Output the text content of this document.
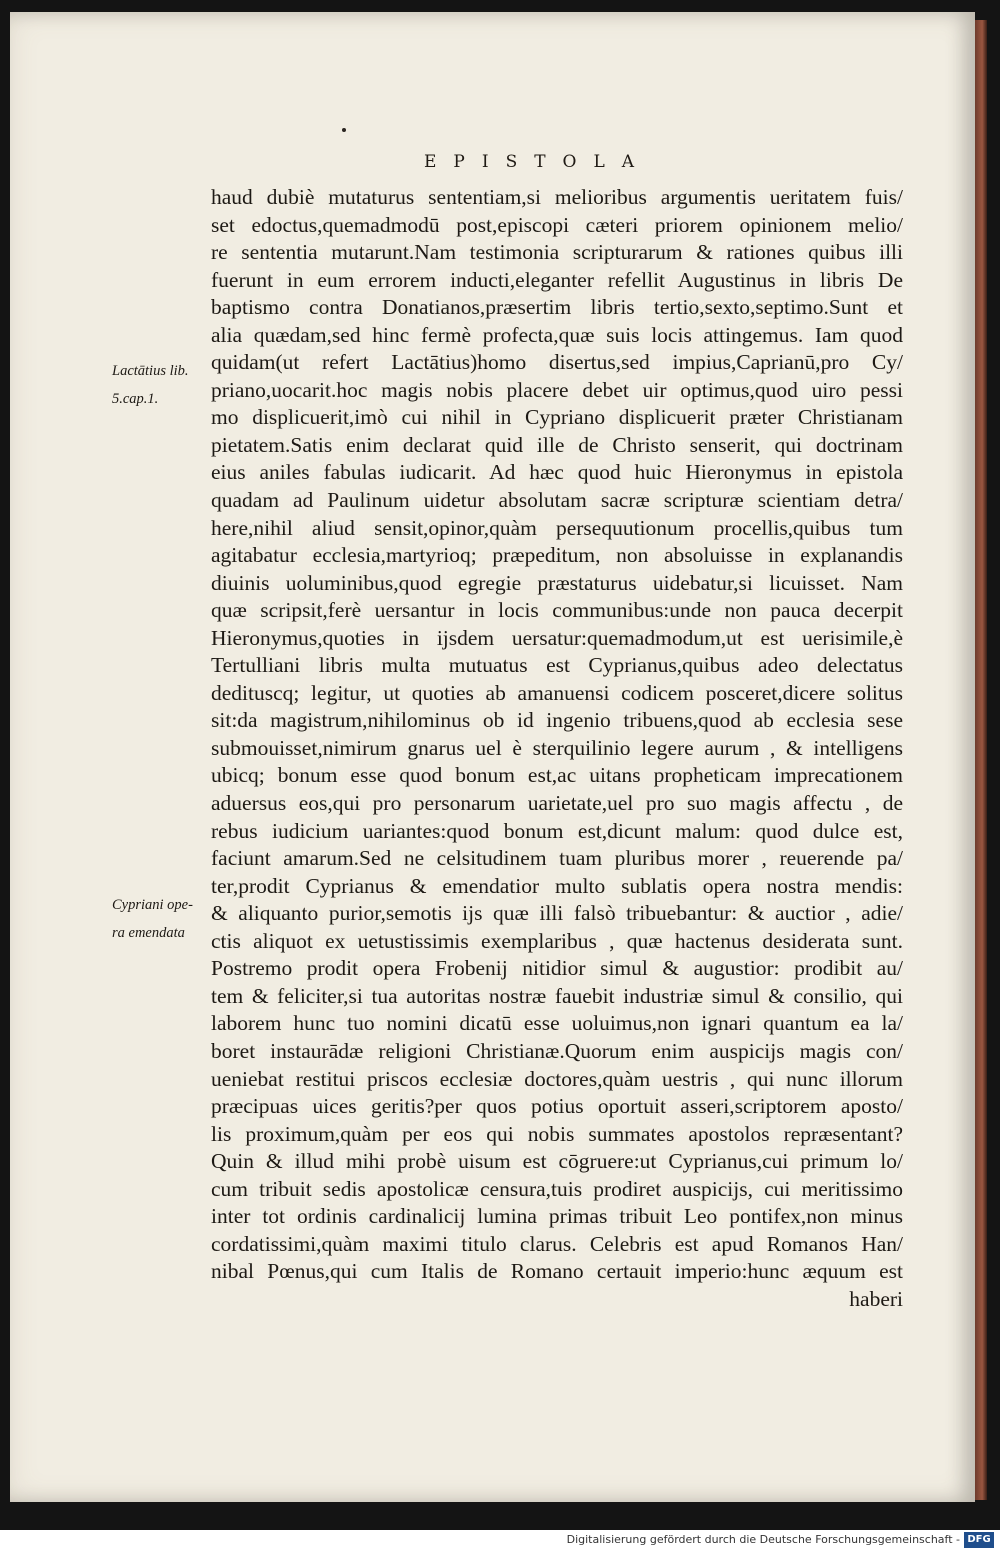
EPISTOLA
Lactātius lib.
5.cap.1.
Cypriani ope-
ra emendata
haud dubiè mutaturus sententiam,si melioribus argumentis ueritatem fuis/
set edoctus,quemadmodū post,episcopi cæteri priorem opinionem melio/
re sententia mutarunt.Nam testimonia scripturarum & rationes quibus illi
fuerunt in eum errorem inducti,eleganter refellit Augustinus in libris De
baptismo contra Donatianos,præsertim libris tertio,sexto,septimo.Sunt et
alia quædam,sed hinc fermè profecta,quæ suis locis attingemus. Iam quod
quidam(ut refert Lactātius)homo disertus,sed impius,Caprianū,pro Cy/
priano,uocarit.hoc magis nobis placere debet uir optimus,quod uiro pessi
mo displicuerit,imò cui nihil in Cypriano displicuerit præter Christianam
pietatem.Satis enim declarat quid ille de Christo senserit, qui doctrinam
eius aniles fabulas iudicarit. Ad hæc quod huic Hieronymus in epistola
quadam ad Paulinum uidetur absolutam sacræ scripturæ scientiam detra/
here,nihil aliud sensit,opinor,quàm persequutionum procellis,quibus tum
agitabatur ecclesia,martyrioq; præpeditum, non absoluisse in explanandis
diuinis uoluminibus,quod egregie præstaturus uidebatur,si licuisset. Nam
quæ scripsit,ferè uersantur in locis communibus:unde non pauca decerpit
Hieronymus,quoties in ijsdem uersatur:quemadmodum,ut est uerisimile,è
Tertulliani libris multa mutuatus est Cyprianus,quibus adeo delectatus
dedituscq; legitur, ut quoties ab amanuensi codicem posceret,dicere solitus
sit:da magistrum,nihilominus ob id ingenio tribuens,quod ab ecclesia sese
submouisset,nimirum gnarus uel è sterquilinio legere aurum , & intelligens
ubicq; bonum esse quod bonum est,ac uitans propheticam imprecationem
aduersus eos,qui pro personarum uarietate,uel pro suo magis affectu , de
rebus iudicium uariantes:quod bonum est,dicunt malum: quod dulce est,
faciunt amarum.Sed ne celsitudinem tuam pluribus morer , reuerende pa/
ter,prodit Cyprianus & emendatior multo sublatis opera nostra mendis:
& aliquanto purior,semotis ijs quæ illi falsò tribuebantur: & auctior , adie/
ctis aliquot ex uetustissimis exemplaribus , quæ hactenus desiderata sunt.
Postremo prodit opera Frobenij nitidior simul & augustior: prodibit au/
tem & feliciter,si tua autoritas nostræ fauebit industriæ simul & consilio, qui
laborem hunc tuo nomini dicatū esse uoluimus,non ignari quantum ea la/
boret instaurādæ religioni Christianæ.Quorum enim auspicijs magis con/
ueniebat restitui priscos ecclesiæ doctores,quàm uestris , qui nunc illorum
præcipuas uices geritis?per quos potius oportuit asseri,scriptorem aposto/
lis proximum,quàm per eos qui nobis summates apostolos repræsentant?
Quin & illud mihi probè uisum est cōgruere:ut Cyprianus,cui primum lo/
cum tribuit sedis apostolicæ censura,tuis prodiret auspicijs, cui meritissimo
inter tot ordinis cardinalicij lumina primas tribuit Leo pontifex,non minus
cordatissimi,quàm maximi titulo clarus. Celebris est apud Romanos Han/
nibal Pœnus,qui cum Italis de Romano certauit imperio:hunc æquum est
haberi
Digitalisierung gefördert durch die Deutsche Forschungsgemeinschaft - DFG
